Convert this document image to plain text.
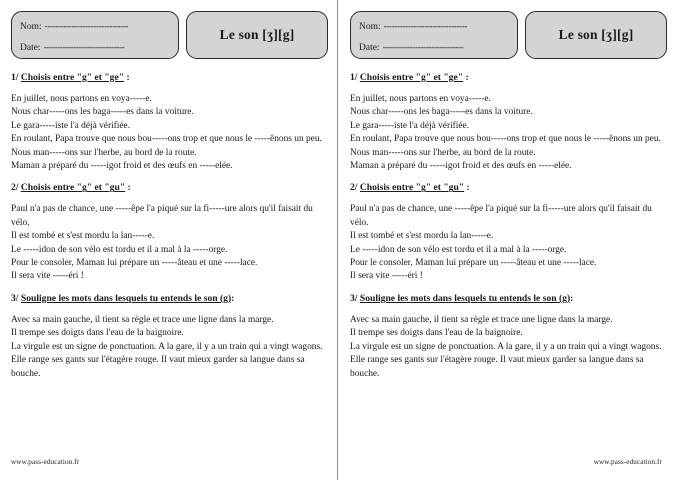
Nom: -------------------------------
Date: ------------------------------
Le son [ʒ][g]
1/ Choisis entre "g" et "ge" :
En juillet, nous partons en voya-----e.
Nous char-----ons les baga-----es dans la voiture.
Le gara-----iste l'a déjà vérifiée.
En roulant, Papa trouve que nous bou-----ons trop et que nous le -----ênons un peu.
Nous man-----ons sur l'herbe, au bord de la route.
Maman a préparé du -----igot froid et des œufs en -----elée.
2/ Choisis entre "g" et "gu" :
Paul n'a pas de chance, une -----êpe l'a piqué sur la fi-----ure alors qu'il faisait du vélo.
Il est tombé et s'est mordu la lan-----e.
Le -----idon de son vélo est tordu et il a mal à la -----orge.
Pour le consoler, Maman lui prépare un -----âteau et une -----lace.
Il sera vite -----éri !
3/ Souligne les mots dans lesquels tu entends le son (g):
Avec sa main gauche, il tient sa règle et trace une ligne dans la marge.
Il trempe ses doigts dans l'eau de la baignoire.
La virgule est un signe de ponctuation. A la gare, il y a un train qui a vingt wagons.
Elle range ses gants sur l'étagère rouge. Il vaut mieux garder sa langue dans sa bouche.
www.pass-education.fr
Nom: -------------------------------
Date: ------------------------------
Le son [ʒ][g]
1/ Choisis entre "g" et "ge" :
En juillet, nous partons en voya-----e.
Nous char-----ons les baga-----es dans la voiture.
Le gara-----iste l'a déjà vérifiée.
En roulant, Papa trouve que nous bou-----ons trop et que nous le -----ênons un peu.
Nous man-----ons sur l'herbe, au bord de la route.
Maman a préparé du -----igot froid et des œufs en -----elée.
2/ Choisis entre "g" et "gu" :
Paul n'a pas de chance, une -----êpe l'a piqué sur la fi-----ure alors qu'il faisait du vélo.
Il est tombé et s'est mordu la lan-----e.
Le -----idon de son vélo est tordu et il a mal à la -----orge.
Pour le consoler, Maman lui prépare un -----âteau et une -----lace.
Il sera vite -----éri !
3/ Souligne les mots dans lesquels tu entends le son (g):
Avec sa main gauche, il tient sa règle et trace une ligne dans la marge.
Il trempe ses doigts dans l'eau de la baignoire.
La virgule est un signe de ponctuation. A la gare, il y a un train qui a vingt wagons.
Elle range ses gants sur l'étagère rouge. Il vaut mieux garder sa langue dans sa bouche.
www.pass-education.fr
